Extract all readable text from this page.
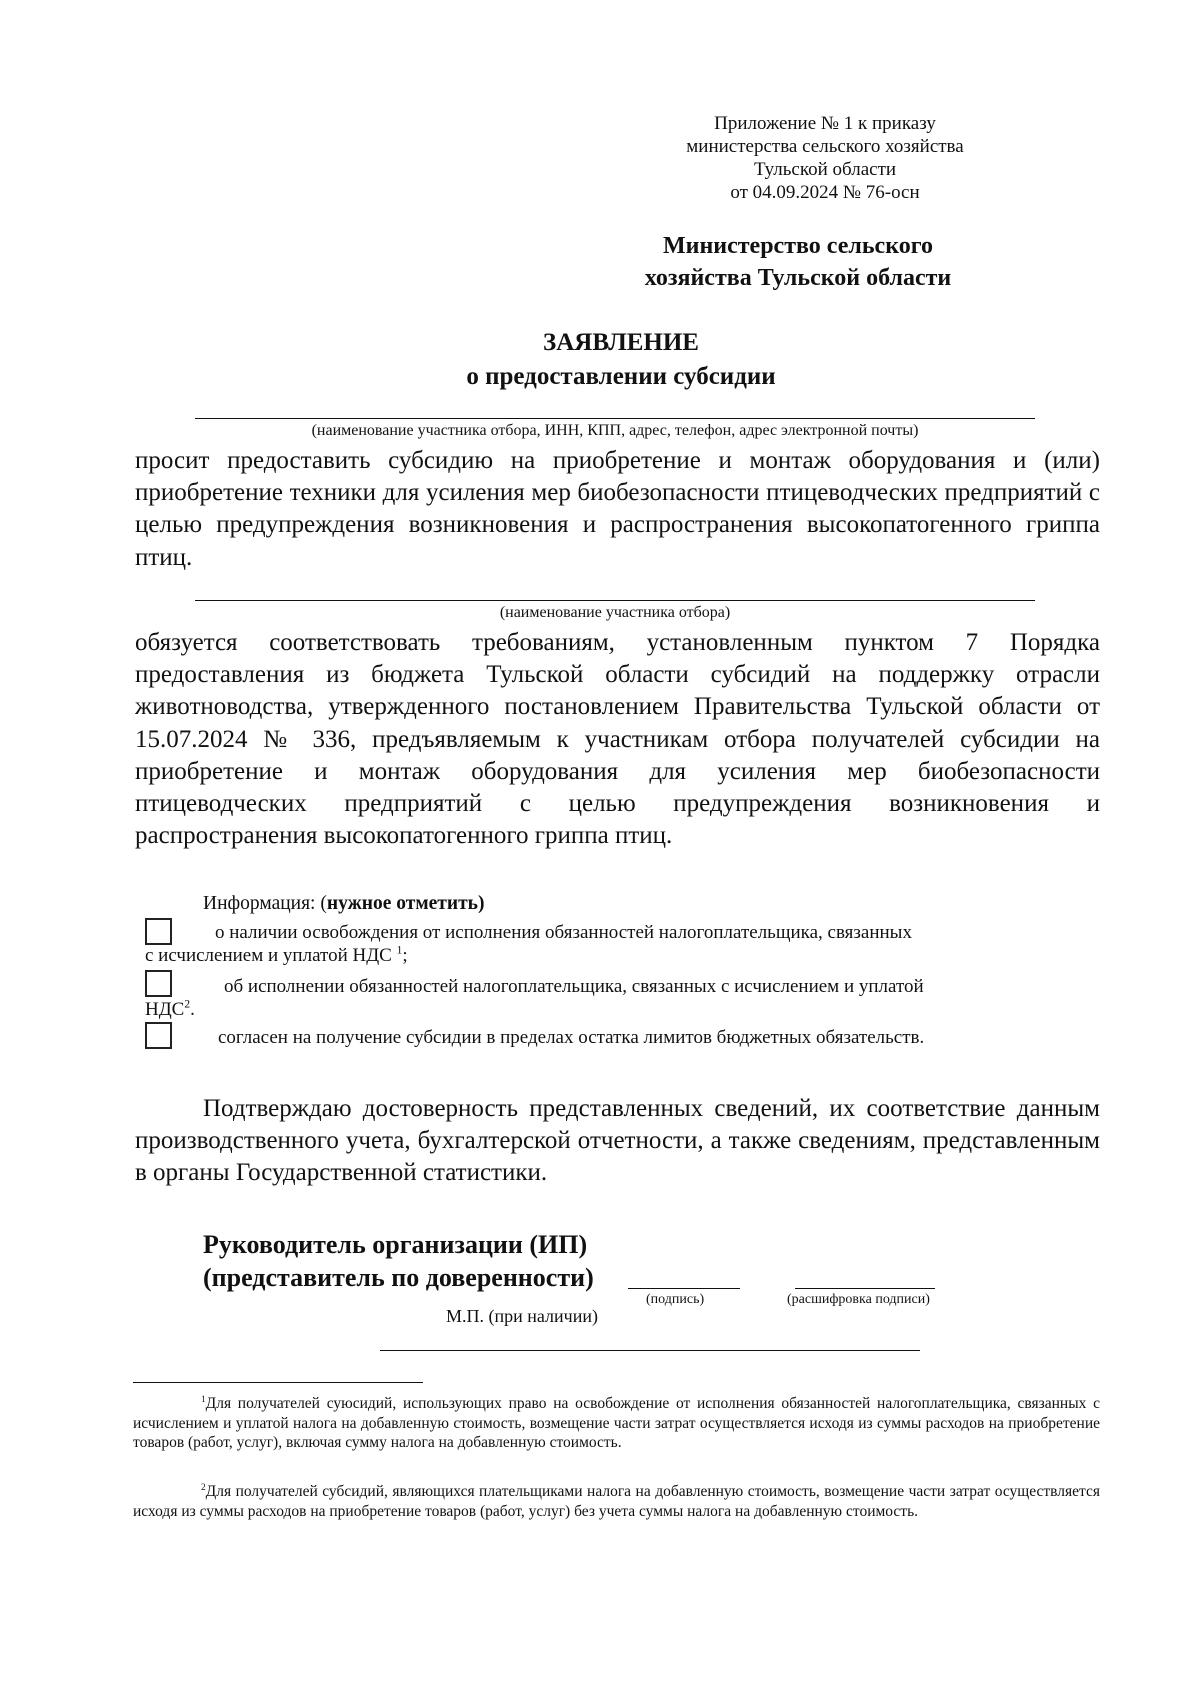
Приложение № 1 к приказу
министерства сельского хозяйства
Тульской области
от 04.09.2024 № 76-осн
Министерство сельского
хозяйства Тульской области
ЗАЯВЛЕНИЕ
о предоставлении субсидии
(наименование участника отбора, ИНН, КПП, адрес, телефон, адрес электронной почты)
просит предоставить субсидию на приобретение и монтаж оборудования и (или) приобретение техники для усиления мер биобезопасности птицеводческих предприятий с целью предупреждения возникновения и распространения высокопатогенного гриппа птиц.
(наименование участника отбора)
обязуется соответствовать требованиям, установленным пунктом 7 Порядка предоставления из бюджета Тульской области субсидий на поддержку отрасли животноводства, утвержденного постановлением Правительства Тульской области от 15.07.2024 № 336, предъявляемым к участникам отбора получателей субсидии на приобретение и монтаж оборудования для усиления мер биобезопасности птицеводческих предприятий с целью предупреждения возникновения и распространения высокопатогенного гриппа птиц.
Информация: (нужное отметить)
о наличии освобождения от исполнения обязанностей налогоплательщика, связанных
с исчислением и уплатой НДС $^1$;
об исполнении обязанностей налогоплательщика, связанных с исчислением и уплатой
НДС$^2$.
согласен на получение субсидии в пределах остатка лимитов бюджетных обязательств.
Подтверждаю достоверность представленных сведений, их соответствие данным производственного учета, бухгалтерской отчетности, а также сведениям, представленным в органы Государственной статистики.
Руководитель организации (ИП)
(представитель по доверенности)
(подпись)	(расшифровка подписи)
М.П. (при наличии)
$^1$Для получателей суюсидий, использующих право на освобождение от исполнения обязанностей налогоплательщика, связанных с исчислением и уплатой налога на добавленную стоимость, возмещение части затрат осуществляется исходя из суммы расходов на приобретение товаров (работ, услуг), включая сумму налога на добавленную стоимость.
$^2$Для получателей субсидий, являющихся плательщиками налога на добавленную стоимость, возмещение части затрат осуществляется исходя из суммы расходов на приобретение товаров (работ, услуг) без учета суммы налога на добавленную стоимость.
